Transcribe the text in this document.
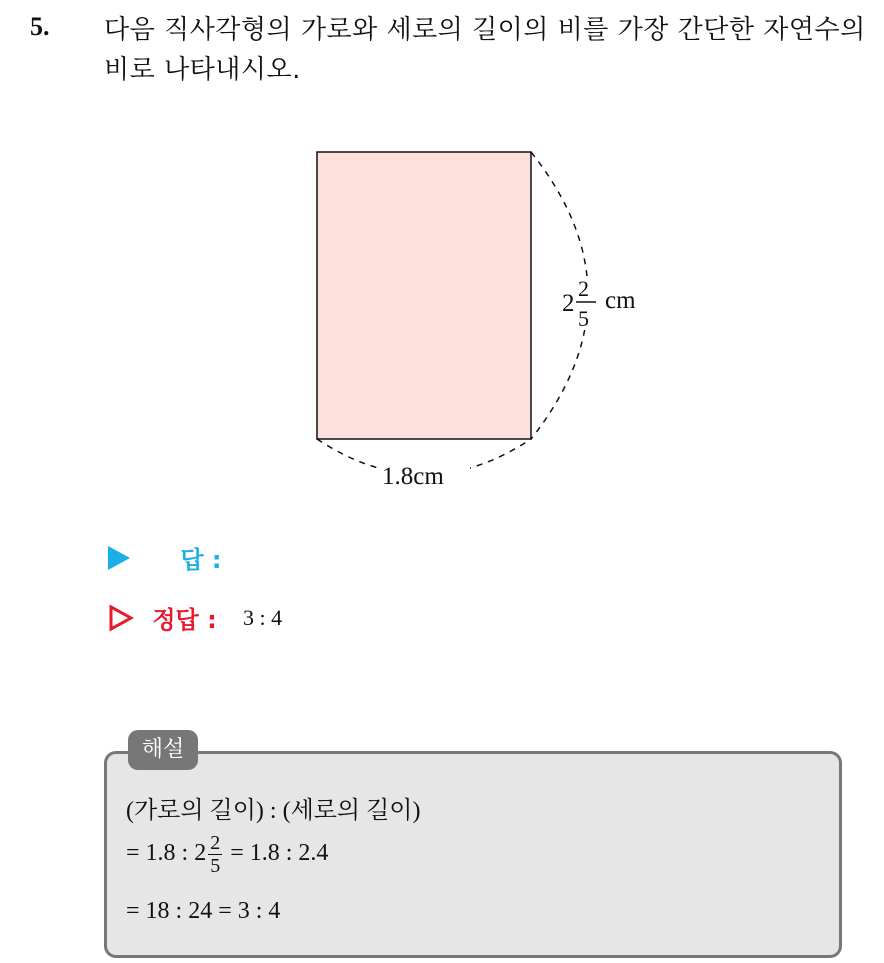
5. 다음 직사각형의 가로와 세로의 길이의 비를 가장 간단한 자연수의 비로 나타내시오.
1.8cm
2
2
5
cm
답 :
정답 : 3 : 4
해설
(가로의 길이) : (세로의 길이)
= 1.8 : $2 \frac{2}{5} = 1.8$ : 2.4
= 18 : 24 = 3 : 4
